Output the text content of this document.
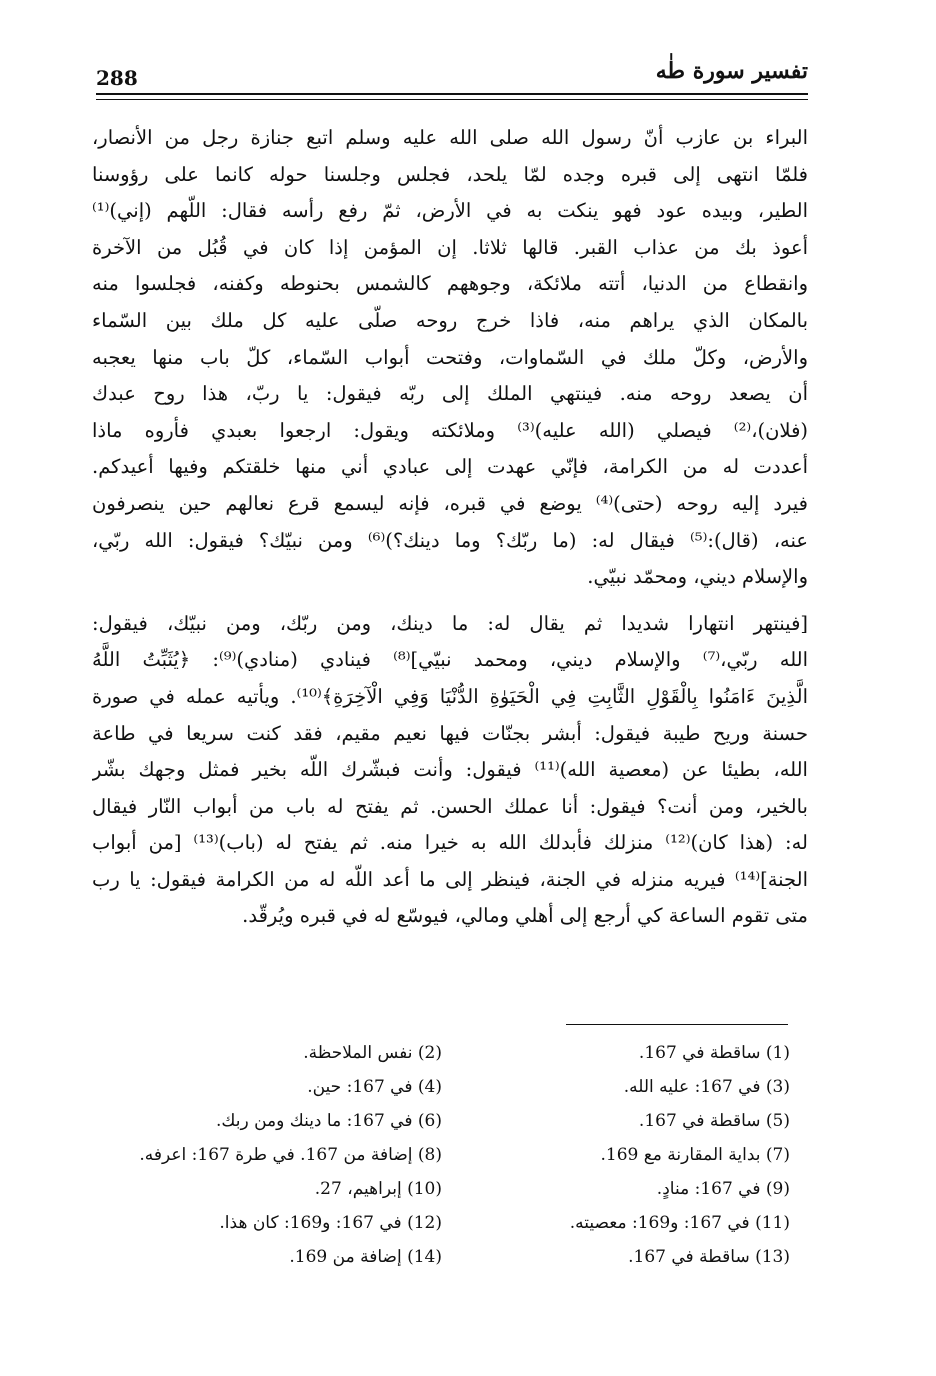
288	تفسير سورة طٰه

البراء بن عازب أنّ رسول الله صلى الله عليه وسلم اتبع جنازة رجل من الأنصار،
فلمّا انتهى إلى قبره وجده لمّا يلحد، فجلس وجلسنا حوله كانما على رؤوسنا
الطير، وبيده عود فهو ينكت به في الأرض، ثمّ رفع رأسه فقال: اللّهم (إني)⁽¹⁾
أعوذ بك من عذاب القبر. قالها ثلاثا. إن المؤمن إذا كان في قُبُل من الآخرة
وانقطاع من الدنيا، أتته ملائكة، وجوههم كالشمس بحنوطه وكفنه، فجلسوا منه
بالمكان الذي يراهم منه، فاذا خرج روحه صلّى عليه كل ملك بين السّماء
والأرض، وكلّ ملك في السّماوات، وفتحت أبواب السّماء، كلّ باب منها يعجبه
أن يصعد روحه منه. فينتهي الملك إلى ربّه فيقول: يا ربّ، هذا روح عبدك
(فلان)،⁽²⁾ فيصلي (الله عليه)⁽³⁾ وملائكته ويقول: ارجعوا بعبدي فأروه ماذا
أعددت له من الكرامة، فإنّي عهدت إلى عبادي أني منها خلقتكم وفيها أعيدكم.
فيرد إليه روحه (حتى)⁽⁴⁾ يوضع في قبره، فإنه ليسمع قرع نعالهم حين ينصرفون
عنه، (قال):⁽⁵⁾ فيقال له: (ما ربّك؟ وما دينك؟)⁽⁶⁾ ومن نبيّك؟ فيقول: الله ربّي،
والإسلام ديني، ومحمّد نبيّي.

[فينتهر انتهارا شديدا ثم يقال له: ما دينك، ومن ربّك، ومن نبيّك، فيقول:
الله ربّي،⁽⁷⁾ والإسلام ديني، ومحمد نبيّي]⁽⁸⁾ فينادي (منادي)⁽⁹⁾: ﴿يُثَبِّتُ اللَّهُ
الَّذِينَ ءَامَنُوا بِالْقَوْلِ الثَّابِتِ فِي الْحَيَوٰةِ الدُّنْيَا وَفِي الْآخِرَةِ﴾⁽¹⁰⁾. ويأتيه عمله في صورة
حسنة وريح طيبة فيقول: أبشر بجنّات فيها نعيم مقيم، فقد كنت سريعا في طاعة
الله، بطيئا عن (معصية الله)⁽¹¹⁾ فيقول: وأنت فبشّرك اللّه بخير فمثل وجهك بشّر
بالخير، ومن أنت؟ فيقول: أنا عملك الحسن. ثم يفتح له باب من أبواب النّار فيقال
له: (هذا كان)⁽¹²⁾ منزلك فأبدلك الله به خيرا منه. ثم يفتح له (باب)⁽¹³⁾ [من أبواب
الجنة]⁽¹⁴⁾ فيريه منزله في الجنة، فينظر إلى ما أعد اللّه له من الكرامة فيقول: يا رب
متى تقوم الساعة كي أرجع إلى أهلي ومالي، فيوسّع له في قبره ويُرقّد.

(1) ساقطة في 167.
(2) نفس الملاحظة.
(3) في 167: عليه الله.
(4) في 167: حين.
(5) ساقطة في 167.
(6) في 167: ما دينك ومن ربك.
(7) بداية المقارنة مع 169.
(8) إضافة من 167. في طرة 167: اعرفه.
(9) في 167: منادٍ.
(10) إبراهيم، 27.
(11) في 167: و169: معصيته.
(12) في 167: و169: كان هذا.
(13) ساقطة في 167.
(14) إضافة من 169.
